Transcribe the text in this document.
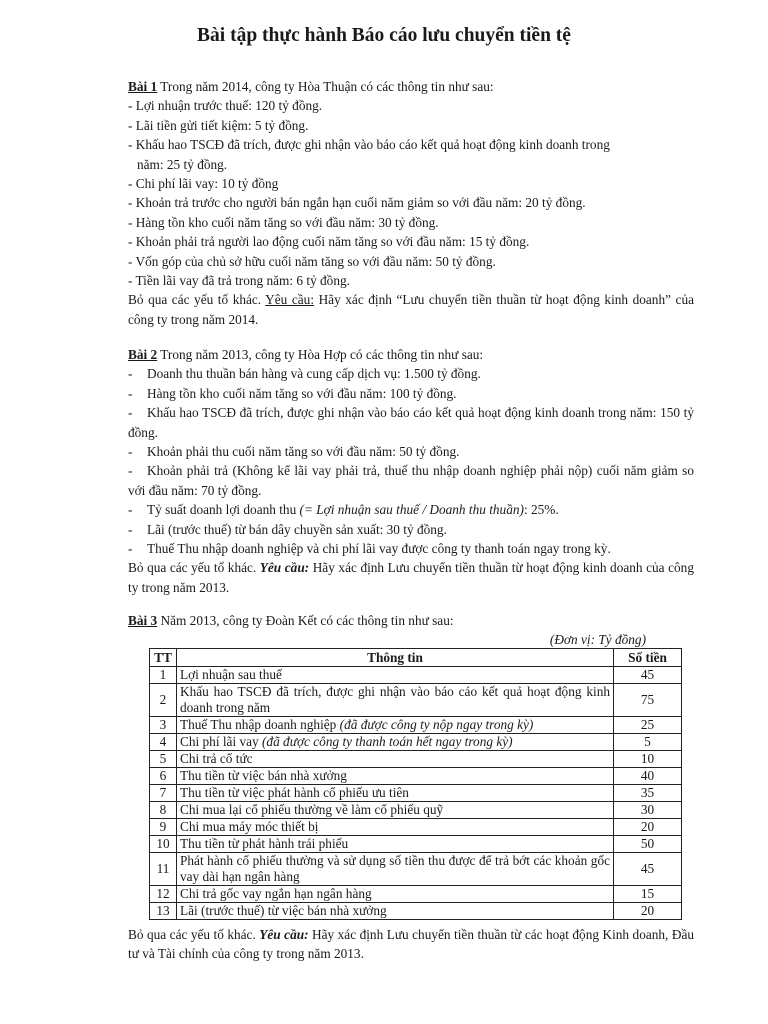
Bài tập thực hành Báo cáo lưu chuyển tiền tệ

Bài 1 Trong năm 2014, công ty Hòa Thuận có các thông tin như sau:

- Lợi nhuận trước thuế: 120 tỷ đồng.

- Lãi tiền gửi tiết kiệm: 5 tỷ đồng.

- Khấu hao TSCĐ đã trích, được ghi nhận vào báo cáo kết quả hoạt động kinh doanh trong

năm: 25 tỷ đồng.

- Chi phí lãi vay: 10 tỷ đồng

- Khoản trả trước cho người bán ngắn hạn cuối năm giảm so với đầu năm: 20 tỷ đồng.

- Hàng tồn kho cuối năm tăng so với đầu năm: 30 tỷ đồng.

- Khoản phải trả người lao động cuối năm tăng so với đầu năm: 15 tỷ đồng.

- Vốn góp của chủ sở hữu cuối năm tăng so với đầu năm: 50 tỷ đồng.

- Tiền lãi vay đã trả trong năm: 6 tỷ đồng.

Bỏ qua các yếu tố khác. Yêu cầu: Hãy xác định “Lưu chuyển tiền thuần từ hoạt động kinh doanh” của công ty trong năm 2014.

Bài 2 Trong năm 2013, công ty Hòa Hợp có các thông tin như sau:

- Doanh thu thuần bán hàng và cung cấp dịch vụ: 1.500 tỷ đồng.

- Hàng tồn kho cuối năm tăng so với đầu năm: 100 tỷ đồng.

- Khấu hao TSCĐ đã trích, được ghi nhận vào báo cáo kết quả hoạt động kinh doanh trong năm: 150 tỷ đồng.

- Khoản phải thu cuối năm tăng so với đầu năm: 50 tỷ đồng.

- Khoản phải trả (Không kể lãi vay phải trả, thuế thu nhập doanh nghiệp phải nộp) cuối năm giảm so với đầu năm: 70 tỷ đồng.

- Tỷ suất doanh lợi doanh thu (= Lợi nhuận sau thuế / Doanh thu thuần): 25%.

- Lãi (trước thuế) từ bán dây chuyền sản xuất: 30 tỷ đồng.

- Thuế Thu nhập doanh nghiệp và chi phí lãi vay được công ty thanh toán ngay trong kỳ.

Bỏ qua các yếu tố khác. Yêu cầu: Hãy xác định Lưu chuyển tiền thuần từ hoạt động kinh doanh của công ty trong năm 2013.

Bài 3 Năm 2013, công ty Đoàn Kết có các thông tin như sau:

(Đơn vị: Tỷ đồng)

TT	Thông tin	Số tiền
1	Lợi nhuận sau thuế	45
2	Khấu hao TSCĐ đã trích, được ghi nhận vào báo cáo kết quả hoạt động kinh doanh trong năm	75
3	Thuế Thu nhập doanh nghiệp (đã được công ty nộp ngay trong kỳ)	25
4	Chi phí lãi vay (đã được công ty thanh toán hết ngay trong kỳ)	5
5	Chi trả cổ tức	10
6	Thu tiền từ việc bán nhà xưởng	40
7	Thu tiền từ việc phát hành cổ phiếu ưu tiên	35
8	Chi mua lại cổ phiếu thường về làm cổ phiếu quỹ	30
9	Chi mua máy móc thiết bị	20
10	Thu tiền từ phát hành trái phiếu	50
11	Phát hành cổ phiếu thường và sử dụng số tiền thu được để trả bớt các khoản gốc vay dài hạn ngân hàng	45
12	Chi trả gốc vay ngắn hạn ngân hàng	15
13	Lãi (trước thuế) từ việc bán nhà xưởng	20

Bỏ qua các yếu tố khác. Yêu cầu: Hãy xác định Lưu chuyển tiền thuần từ các hoạt động Kinh doanh, Đầu tư và Tài chính của công ty trong năm 2013.
